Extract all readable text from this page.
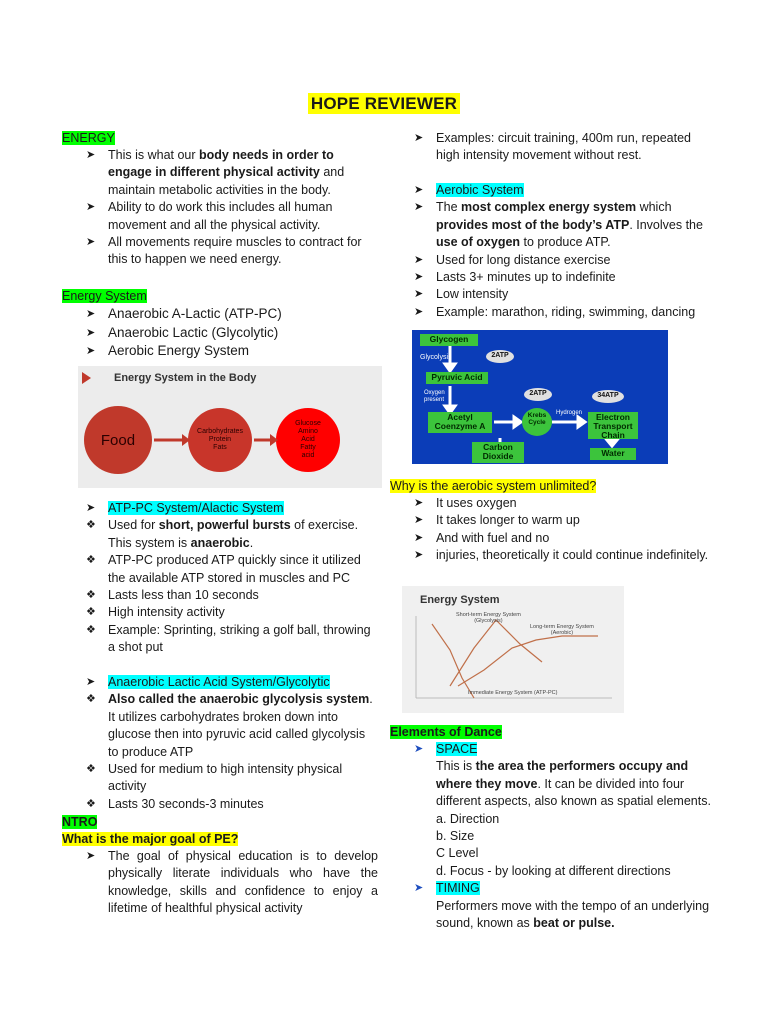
HOPE REVIEWER
ENERGY
➤ This is what our body needs in order to engage in different physical activity and maintain metabolic activities in the body.
➤ Ability to do work this includes all human movement and all the physical activity.
➤ All movements require muscles to contract for this to happen we need energy.
Energy System
➤ Anaerobic A-Lactic (ATP-PC)
➤ Anaerobic Lactic (Glycolytic)
➤ Aerobic Energy System
Energy System in the Body
Food	Carbohydrates
Protein
Fats
Glucose
Amino
Acid
Fatty
acid
➤ ATP-PC System/Alactic System
❖ Used for short, powerful bursts of exercise. This system is anaerobic.
❖ ATP-PC produced ATP quickly since it utilized the available ATP stored in muscles and PC
❖ Lasts less than 10 seconds
❖ High intensity activity
❖ Example: Sprinting, striking a golf ball, throwing a shot put
➤ Anaerobic Lactic Acid System/Glycolytic
❖ Also called the anaerobic glycolysis system. It utilizes carbohydrates broken down into glucose then into pyruvic acid called glycolysis to produce ATP
❖ Used for medium to high intensity physical activity
❖ Lasts 30 seconds-3 minutes
NTRO
What is the major goal of PE?
➤ The goal of physical education is to develop physically literate individuals who have the knowledge, skills and confidence to enjoy a lifetime of healthful physical activity
➤ Examples: circuit training, 400m run, repeated high intensity movement without rest.
➤ Aerobic System
➤ The most complex energy system which provides most of the body’s ATP. Involves the use of oxygen to produce ATP.
➤ Used for long distance exercise
➤ Lasts 3+ minutes up to indefinite
➤ Low intensity
➤ Example: marathon, riding, swimming, dancing
Glycogen
Glycolysis	2ATP
Pyruvic Acid
Oxygen
present
Acetyl
Coenzyme A
Krebs
Cycle
2ATP
Hydrogen
34ATP
Electron
Transport
Chain
Carbon
Dioxide	Water
Why is the aerobic system unlimited?
➤ It uses oxygen
➤ It takes longer to warm up
➤ And with fuel and no
➤ injuries, theoretically it could continue indefinitely.
Energy System
Short-term Energy System
(Glycolysis)
Long-term Energy System
(Aerobic)
Immediate Energy System (ATP-PC)
Elements of Dance
➤ SPACE
This is the area the performers occupy and where they move. It can be divided into four different aspects, also known as spatial elements.
a. Direction
b. Size
C Level
d. Focus - by looking at different directions
➤ TIMING
Performers move with the tempo of an underlying sound, known as beat or pulse.
